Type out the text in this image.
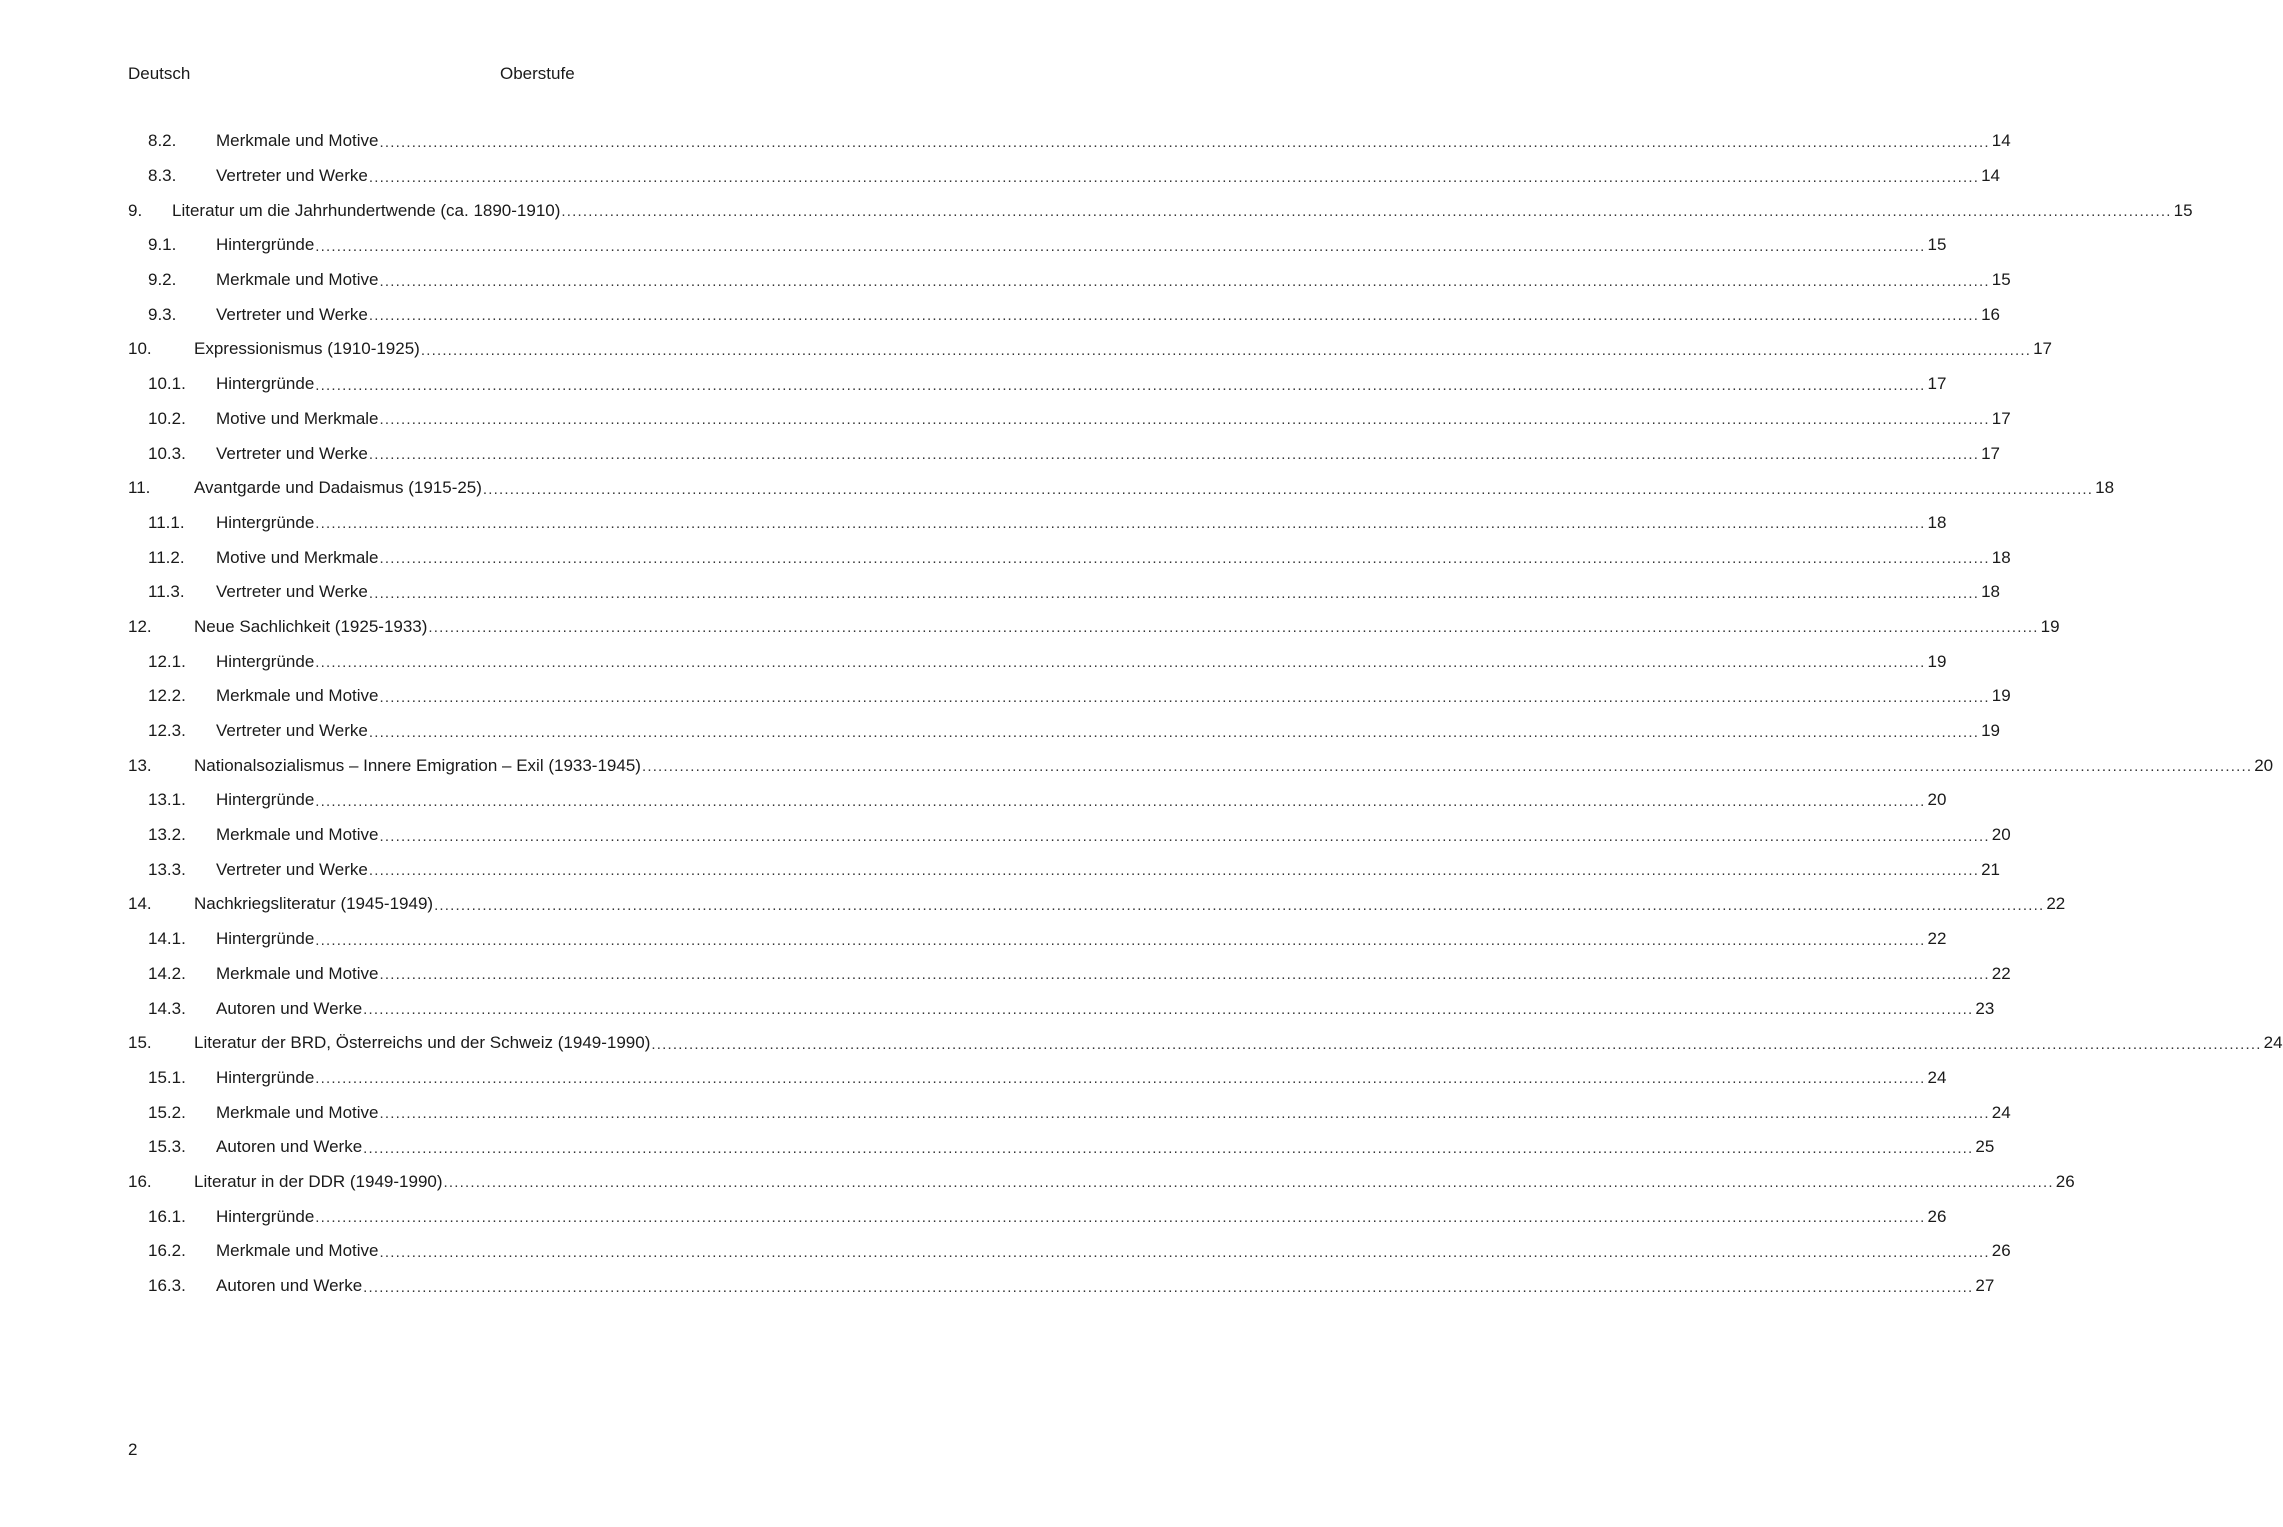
Deutsch	Oberstufe
8.2.	Merkmale und Motive ............................................................................................................................................................................................................................................................................................................ 14
8.3.	Vertreter und Werke ............................................................................................................................................................................................................................................................................................................ 14
9.	Literatur um die Jahrhundertwende (ca. 1890-1910) ............................................................................................................................................................................................................................................................................................................ 15
9.1.	Hintergründe ............................................................................................................................................................................................................................................................................................................ 15
9.2.	Merkmale und Motive ............................................................................................................................................................................................................................................................................................................ 15
9.3.	Vertreter und Werke ............................................................................................................................................................................................................................................................................................................ 16
10.	Expressionismus (1910-1925) ............................................................................................................................................................................................................................................................................................................ 17
10.1.	Hintergründe ............................................................................................................................................................................................................................................................................................................ 17
10.2.	Motive und Merkmale ............................................................................................................................................................................................................................................................................................................ 17
10.3.	Vertreter und Werke ............................................................................................................................................................................................................................................................................................................ 17
11.	Avantgarde und Dadaismus (1915-25) ............................................................................................................................................................................................................................................................................................................ 18
11.1.	Hintergründe ............................................................................................................................................................................................................................................................................................................ 18
11.2.	Motive und Merkmale ............................................................................................................................................................................................................................................................................................................ 18
11.3.	Vertreter und Werke ............................................................................................................................................................................................................................................................................................................ 18
12.	Neue Sachlichkeit (1925-1933) ............................................................................................................................................................................................................................................................................................................ 19
12.1.	Hintergründe ............................................................................................................................................................................................................................................................................................................ 19
12.2.	Merkmale und Motive ............................................................................................................................................................................................................................................................................................................ 19
12.3.	Vertreter und Werke ............................................................................................................................................................................................................................................................................................................ 19
13.	Nationalsozialismus – Innere Emigration – Exil (1933-1945) ............................................................................................................................................................................................................................................................................................................ 20
13.1.	Hintergründe ............................................................................................................................................................................................................................................................................................................ 20
13.2.	Merkmale und Motive ............................................................................................................................................................................................................................................................................................................ 20
13.3.	Vertreter und Werke ............................................................................................................................................................................................................................................................................................................ 21
14.	Nachkriegsliteratur (1945-1949) ............................................................................................................................................................................................................................................................................................................ 22
14.1.	Hintergründe ............................................................................................................................................................................................................................................................................................................ 22
14.2.	Merkmale und Motive ............................................................................................................................................................................................................................................................................................................ 22
14.3.	Autoren und Werke ............................................................................................................................................................................................................................................................................................................ 23
15.	Literatur der BRD, Österreichs und der Schweiz (1949-1990) ............................................................................................................................................................................................................................................................................................................ 24
15.1.	Hintergründe ............................................................................................................................................................................................................................................................................................................ 24
15.2.	Merkmale und Motive ............................................................................................................................................................................................................................................................................................................ 24
15.3.	Autoren und Werke ............................................................................................................................................................................................................................................................................................................ 25
16.	Literatur in der DDR (1949-1990) ............................................................................................................................................................................................................................................................................................................ 26
16.1.	Hintergründe ............................................................................................................................................................................................................................................................................................................ 26
16.2.	Merkmale und Motive ............................................................................................................................................................................................................................................................................................................ 26
16.3.	Autoren und Werke ............................................................................................................................................................................................................................................................................................................ 27
2
